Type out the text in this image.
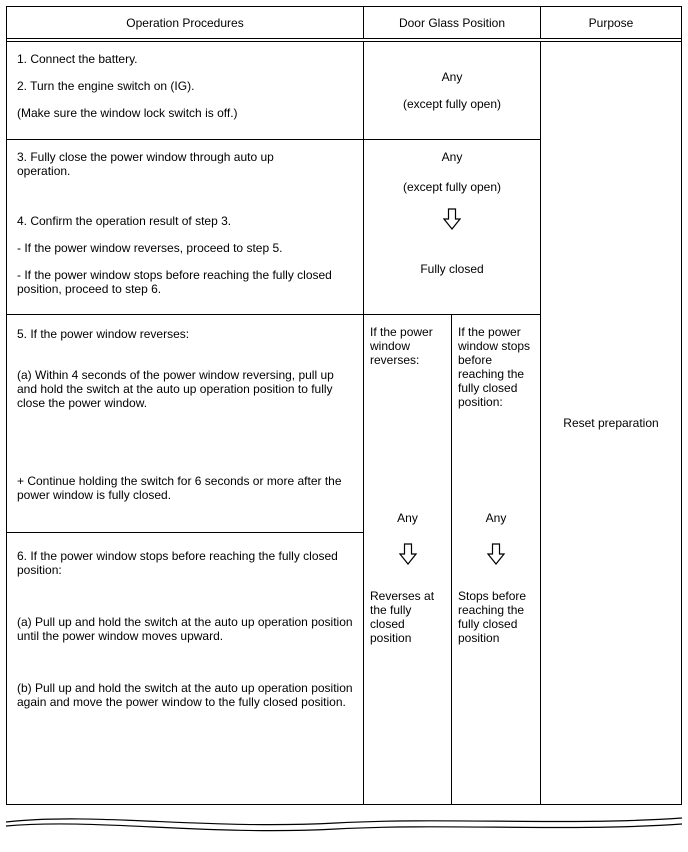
Operation Procedures	Door Glass Position	Purpose

1. Connect the battery.

2. Turn the engine switch on (IG).

(Make sure the window lock switch is off.)

Any
(except fully open)

3. Fully close the power window through auto up operation.

4. Confirm the operation result of step 3.

- If the power window reverses, proceed to step 5.

- If the power window stops before reaching the fully closed position, proceed to step 6.

Any
(except fully open)
Fully closed

5. If the power window reverses:

(a) Within 4 seconds of the power window reversing, pull up and hold the switch at the auto up operation position to fully close the power window.

+ Continue holding the switch for 6 seconds or more after the power window is fully closed.

6. If the power window stops before reaching the fully closed position:

(a) Pull up and hold the switch at the auto up operation position until the power window moves upward.

(b) Pull up and hold the switch at the auto up operation position again and move the power window to the fully closed position.

If the power window reverses:
Any
Reverses at the fully closed position
If the power window stops before reaching the fully closed position:
Any
Stops before reaching the fully closed position
Reset preparation
